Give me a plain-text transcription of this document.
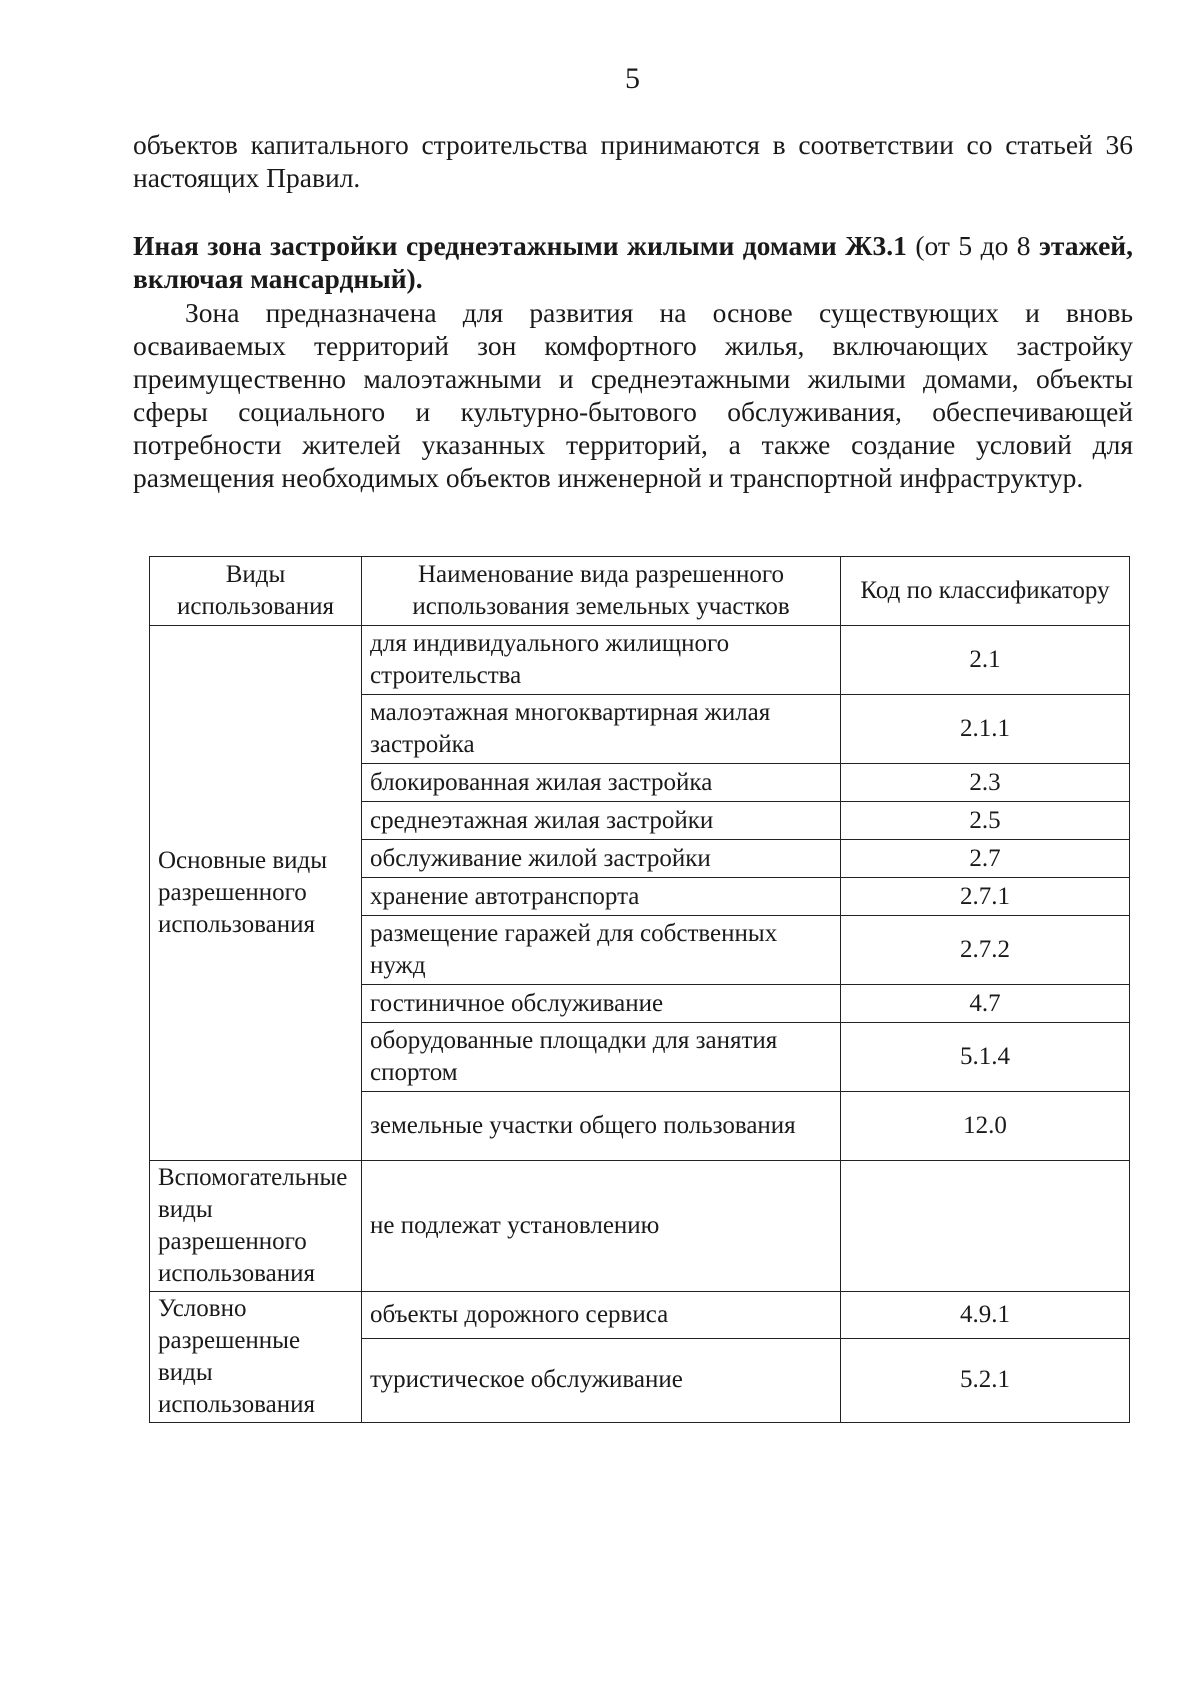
5
объектов капитального строительства принимаются в соответствии со статьей 36 настоящих Правил.
Иная зона застройки среднеэтажными жилыми домами Ж3.1 (от 5 до 8 этажей, включая мансардный).
Зона предназначена для развития на основе существующих и вновь осваиваемых территорий зон комфортного жилья, включающих застройку преимущественно малоэтажными и среднеэтажными жилыми домами, объекты сферы социального и культурно-бытового обслуживания, обеспечивающей потребности жителей указанных территорий, а также создание условий для размещения необходимых объектов инженерной и транспортной инфраструктур.
Виды использования	Наименование вида разрешенного использования земельных участков	Код по классификатору
Основные виды разрешенного использования	для индивидуального жилищного строительства	2.1
	малоэтажная многоквартирная жилая застройка	2.1.1
	блокированная жилая застройка	2.3
	среднеэтажная жилая застройки	2.5
	обслуживание жилой застройки	2.7
	хранение автотранспорта	2.7.1
	размещение гаражей для собственных нужд	2.7.2
	гостиничное обслуживание	4.7
	оборудованные площадки для занятия спортом	5.1.4
	земельные участки общего пользования	12.0
Вспомогательные виды разрешенного использования	не подлежат установлению	
Условно разрешенные виды использования	объекты дорожного сервиса	4.9.1
	туристическое обслуживание	5.2.1
